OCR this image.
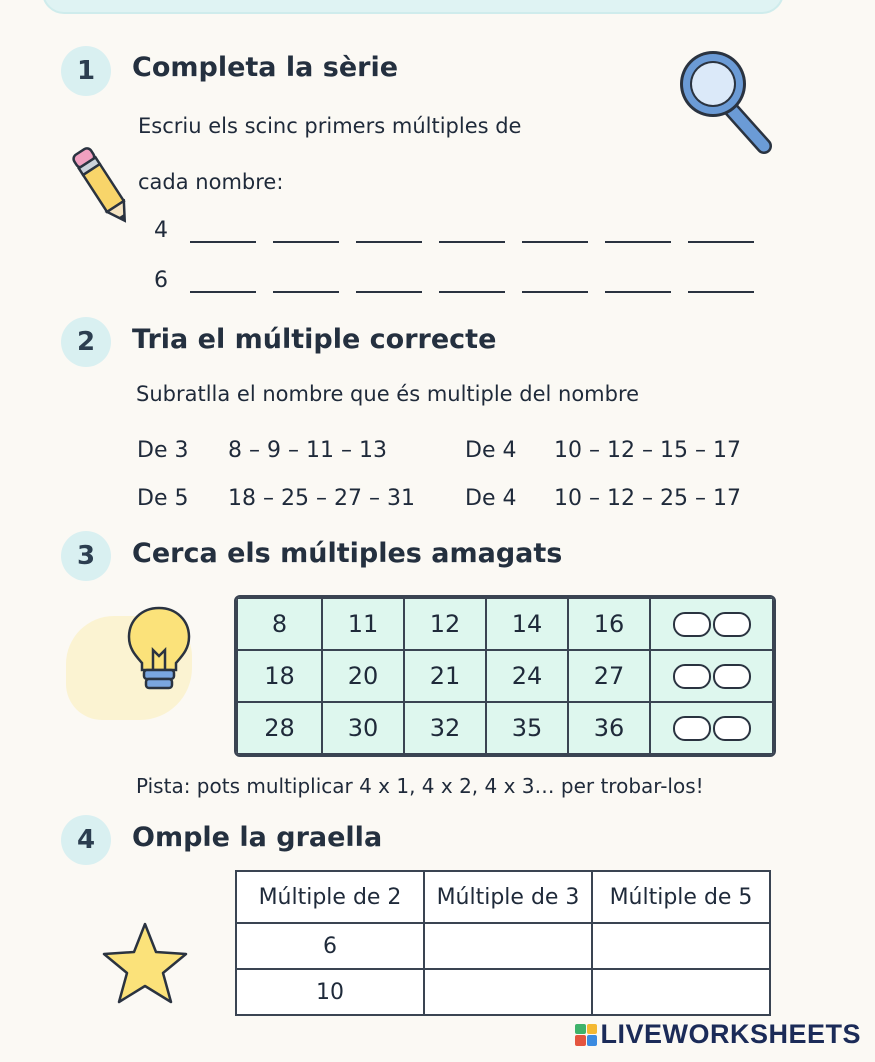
1	Completa la sèrie
Escriu els scinc primers múltiples de
cada nombre:
4
6
2	Tria el múltiple correcte
Subratlla el nombre que és multiple del nombre
De 3 8 – 9 – 11 – 13	De 4 10 – 12 – 15 – 17
De 5 18 – 25 – 27 – 31 De 4 10 – 12 – 25 – 17
3	Cerca els múltiples amagats
8	11	12	14	16	

18	20	21	24	27	

28	30	32	35	36	
Pista: pots multiplicar 4 x 1, 4 x 2, 4 x 3… per trobar-los!
4	Omple la graella
Múltiple de 2	Múltiple de 3	Múltiple de 5
6		
10		
LIVEWORKSHEETS
